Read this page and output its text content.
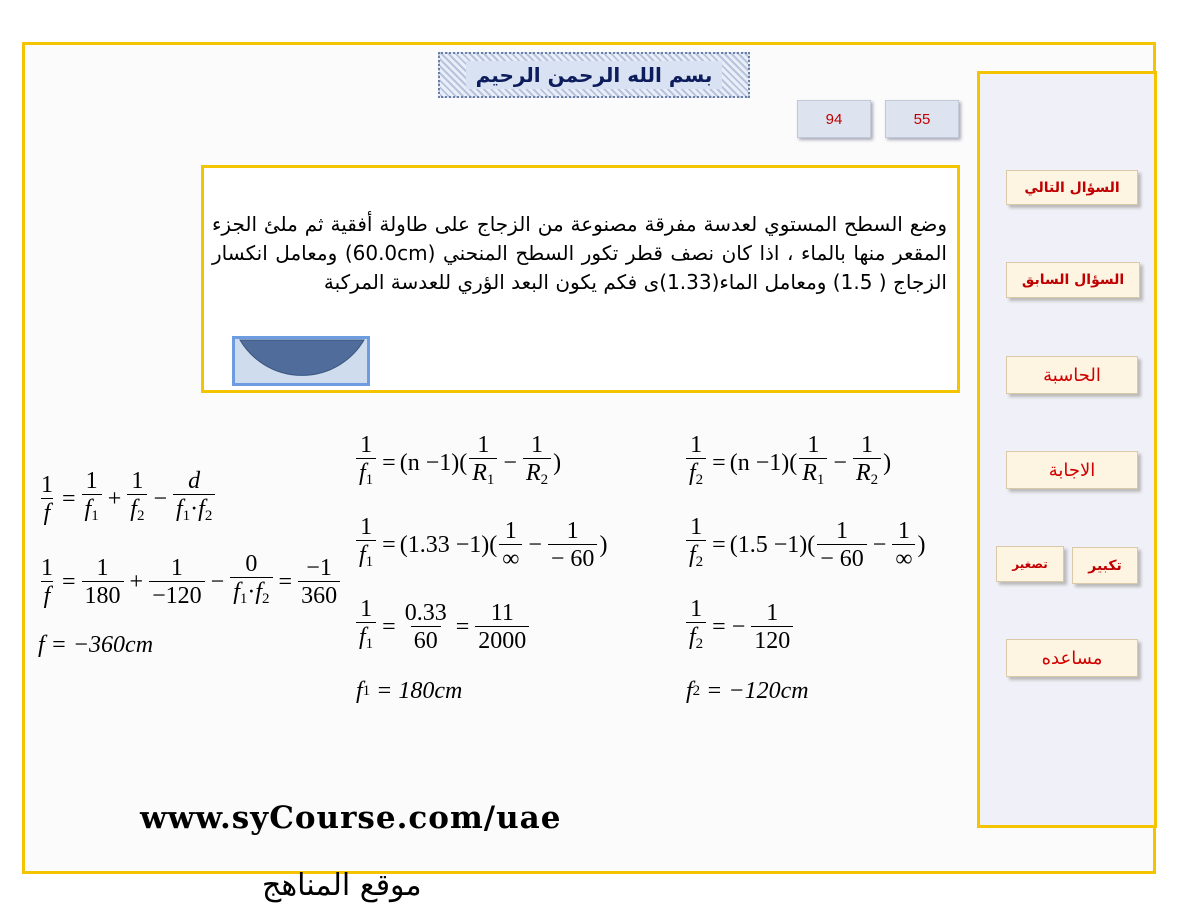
بسم الله الرحمن الرحيم
94	55
وضع السطح المستوي لعدسة مفرقة مصنوعة من الزجاج على طاولة أفقية ثم ملئ الجزء المقعر منها بالماء ، اذا كان نصف قطر تكور السطح المنحني (60.0cm) ومعامل انكسار الزجاج ( 1.5) ومعامل الماء(1.33)ى فكم يكون البعد الؤري للعدسة المركبة
السؤال التالي
السؤال السابق
الحاسبة
الاجابة
تكبير
تصغير
مساعده
$\frac{1}{f} = \frac{1}{f_1} + \frac{1}{f_2} - \frac{d}{f_1\cdot f_2}$
$\frac{1}{f} = \frac{1}{180} + \frac{1}{-120} - \frac{0}{f_1\cdot f_2} = \frac{-1}{360}$
f = −360cm
$\frac{1}{f_1} = (n -1)( \frac{1}{R_1} - \frac{1}{R_2}$ )
$\frac{1}{f_1} = (1.33 -1)( \frac{1}{\infty} - \frac{1}{- 60}$ )
$\frac{1}{f_1} = \frac{0.33}{60} = \frac{11}{2000}$
f 1 = 180cm
$\frac{1}{f_2} = (n -1)( \frac{1}{R_1} - \frac{1}{R_2}$ )
$\frac{1}{f_2} = (1.5 -1)( \frac{1}{- 60} - \frac{1}{\infty}$ )
$\frac{1}{f_2}$ = − $\frac{1}{120}$
f 2 = −120cm
www.syCourse.com/uae
موقع المناهج
